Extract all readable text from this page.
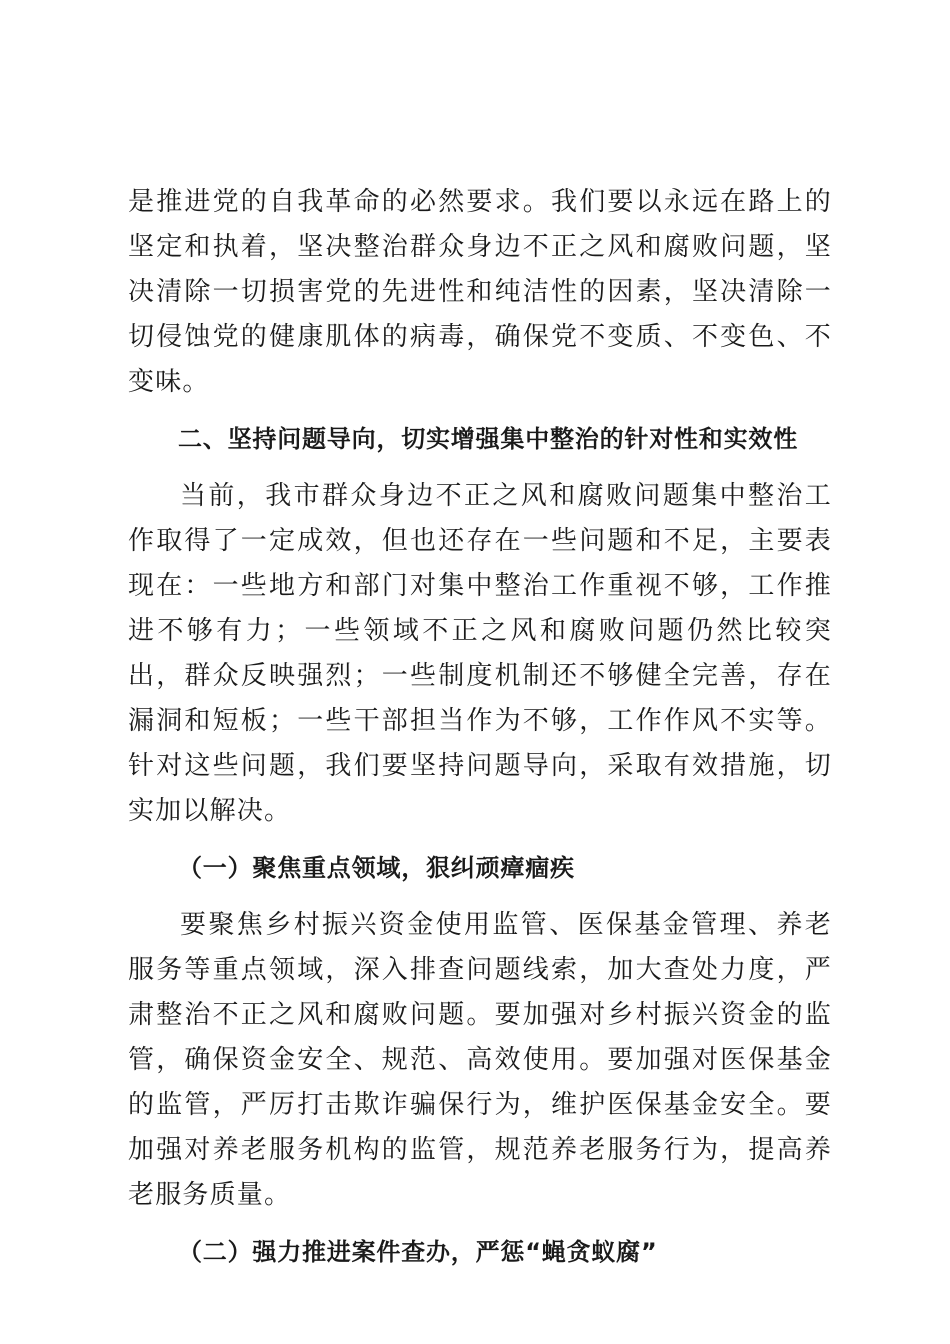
是推进党的自我革命的必然要求。我们要以永远在路上的坚定和执着，坚决整治群众身边不正之风和腐败问题，坚决清除一切损害党的先进性和纯洁性的因素，坚决清除一切侵蚀党的健康肌体的病毒，确保党不变质、不变色、不变味。

二、坚持问题导向，切实增强集中整治的针对性和实效性

当前，我市群众身边不正之风和腐败问题集中整治工作取得了一定成效，但也还存在一些问题和不足，主要表现在：一些地方和部门对集中整治工作重视不够，工作推进不够有力；一些领域不正之风和腐败问题仍然比较突出，群众反映强烈；一些制度机制还不够健全完善，存在漏洞和短板；一些干部担当作为不够，工作作风不实等。针对这些问题，我们要坚持问题导向，采取有效措施，切实加以解决。

（一）聚焦重点领域，狠纠顽瘴痼疾

要聚焦乡村振兴资金使用监管、医保基金管理、养老服务等重点领域，深入排查问题线索，加大查处力度，严肃整治不正之风和腐败问题。要加强对乡村振兴资金的监管，确保资金安全、规范、高效使用。要加强对医保基金的监管，严厉打击欺诈骗保行为，维护医保基金安全。要加强对养老服务机构的监管，规范养老服务行为，提高养老服务质量。

（二）强力推进案件查办，严惩“蝇贪蚁腐”
